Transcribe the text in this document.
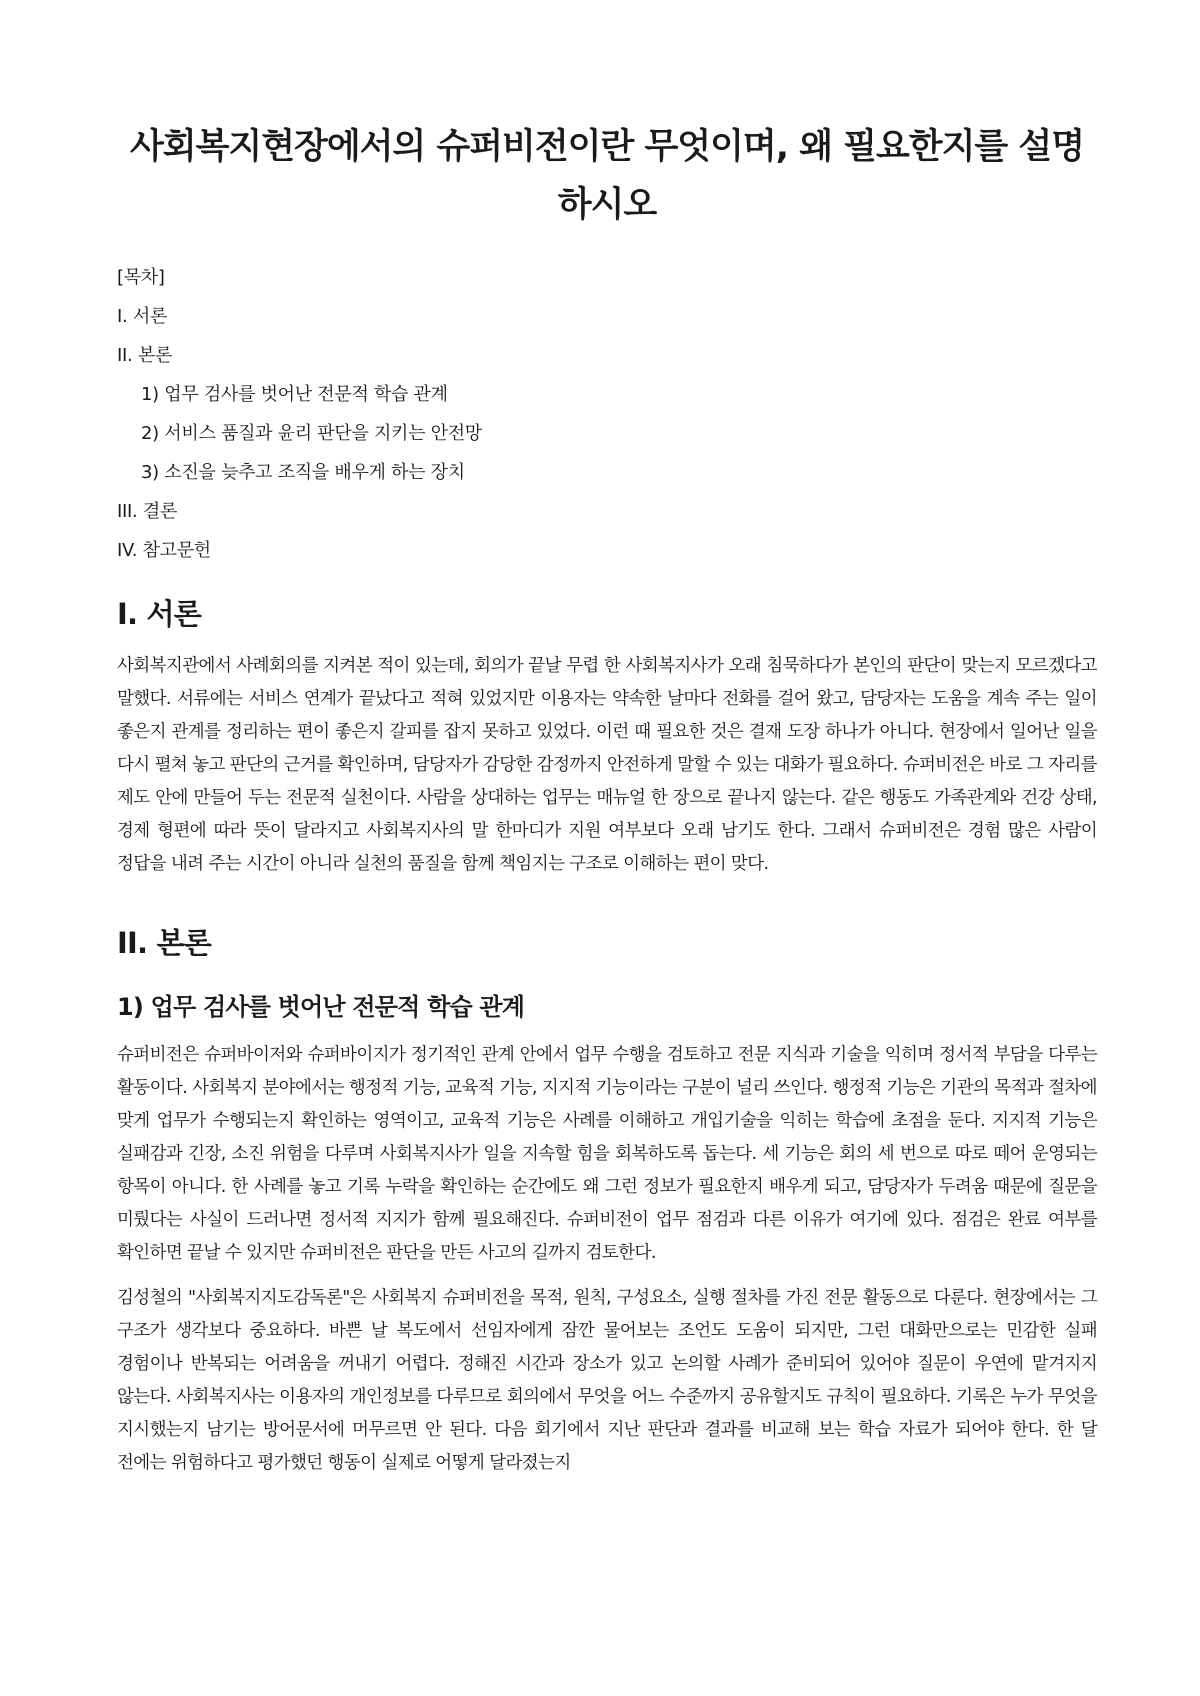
사회복지현장에서의 슈퍼비전이란 무엇이며, 왜 필요한지를 설명하시오
[목차]
I. 서론
II. 본론
1) 업무 검사를 벗어난 전문적 학습 관계
2) 서비스 품질과 윤리 판단을 지키는 안전망
3) 소진을 늦추고 조직을 배우게 하는 장치
III. 결론
IV. 참고문헌
I. 서론

사회복지관에서 사례회의를 지켜본 적이 있는데, 회의가 끝날 무렵 한 사회복지사가 오래 침묵하다가 본인의 판단이 맞는지 모르겠다고 말했다. 서류에는 서비스 연계가 끝났다고 적혀 있었지만 이용자는 약속한 날마다 전화를 걸어 왔고, 담당자는 도움을 계속 주는 일이 좋은지 관계를 정리하는 편이 좋은지 갈피를 잡지 못하고 있었다. 이런 때 필요한 것은 결재 도장 하나가 아니다. 현장에서 일어난 일을 다시 펼쳐 놓고 판단의 근거를 확인하며, 담당자가 감당한 감정까지 안전하게 말할 수 있는 대화가 필요하다. 슈퍼비전은 바로 그 자리를 제도 안에 만들어 두는 전문적 실천이다. 사람을 상대하는 업무는 매뉴얼 한 장으로 끝나지 않는다. 같은 행동도 가족관계와 건강 상태, 경제 형편에 따라 뜻이 달라지고 사회복지사의 말 한마디가 지원 여부보다 오래 남기도 한다. 그래서 슈퍼비전은 경험 많은 사람이 정답을 내려 주는 시간이 아니라 실천의 품질을 함께 책임지는 구조로 이해하는 편이 맞다.

II. 본론
1) 업무 검사를 벗어난 전문적 학습 관계

슈퍼비전은 슈퍼바이저와 슈퍼바이지가 정기적인 관계 안에서 업무 수행을 검토하고 전문 지식과 기술을 익히며 정서적 부담을 다루는 활동이다. 사회복지 분야에서는 행정적 기능, 교육적 기능, 지지적 기능이라는 구분이 널리 쓰인다. 행정적 기능은 기관의 목적과 절차에 맞게 업무가 수행되는지 확인하는 영역이고, 교육적 기능은 사례를 이해하고 개입기술을 익히는 학습에 초점을 둔다. 지지적 기능은 실패감과 긴장, 소진 위험을 다루며 사회복지사가 일을 지속할 힘을 회복하도록 돕는다. 세 기능은 회의 세 번으로 따로 떼어 운영되는 항목이 아니다. 한 사례를 놓고 기록 누락을 확인하는 순간에도 왜 그런 정보가 필요한지 배우게 되고, 담당자가 두려움 때문에 질문을 미뤘다는 사실이 드러나면 정서적 지지가 함께 필요해진다. 슈퍼비전이 업무 점검과 다른 이유가 여기에 있다. 점검은 완료 여부를 확인하면 끝날 수 있지만 슈퍼비전은 판단을 만든 사고의 길까지 검토한다.

김성철의 "사회복지지도감독론"은 사회복지 슈퍼비전을 목적, 원칙, 구성요소, 실행 절차를 가진 전문 활동으로 다룬다. 현장에서는 그 구조가 생각보다 중요하다. 바쁜 날 복도에서 선임자에게 잠깐 물어보는 조언도 도움이 되지만, 그런 대화만으로는 민감한 실패 경험이나 반복되는 어려움을 꺼내기 어렵다. 정해진 시간과 장소가 있고 논의할 사례가 준비되어 있어야 질문이 우연에 맡겨지지 않는다. 사회복지사는 이용자의 개인정보를 다루므로 회의에서 무엇을 어느 수준까지 공유할지도 규칙이 필요하다. 기록은 누가 무엇을 지시했는지 남기는 방어문서에 머무르면 안 된다. 다음 회기에서 지난 판단과 결과를 비교해 보는 학습 자료가 되어야 한다. 한 달 전에는 위험하다고 평가했던 행동이 실제로 어떻게 달라졌는지
